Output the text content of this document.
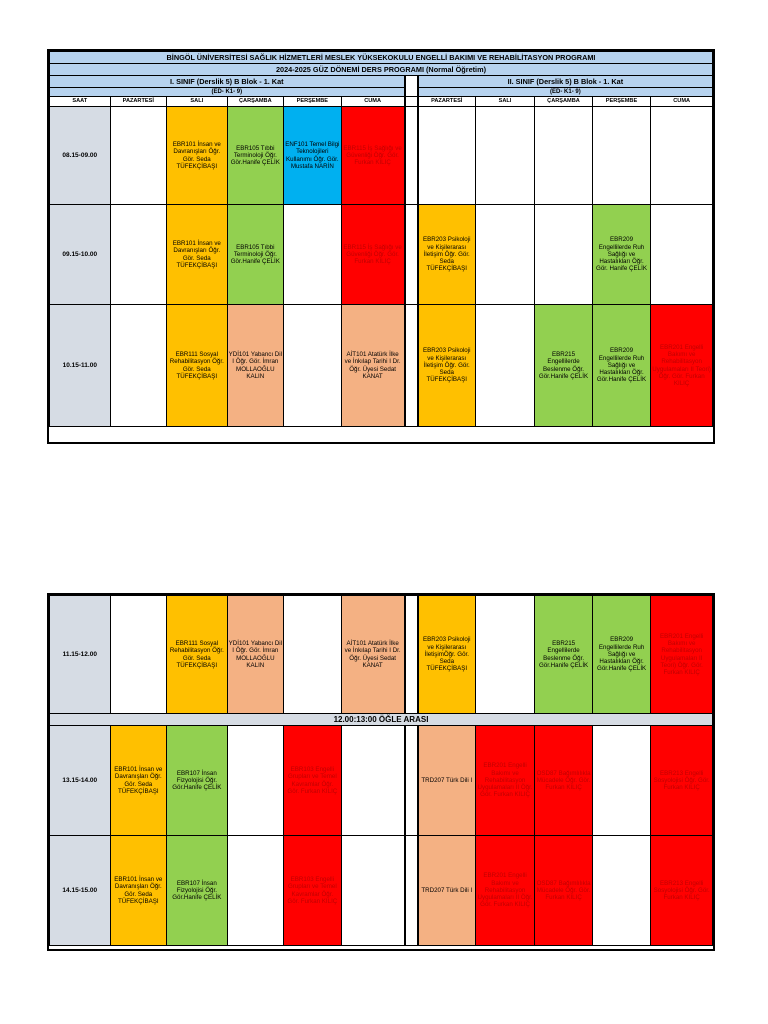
BİNGÖL ÜNİVERSİTESİ SAĞLIK HİZMETLERİ MESLEK YÜKSEKOKULU ENGELLİ BAKIMI VE REHABİLİTASYON PROGRAMI											
2024-2025 GÜZ DÖNEMİ DERS PROGRAMI (Normal Öğretim)											
I. SINIF (Derslik 5) B Blok - 1. Kat							II. SINIF (Derslik 5) B Blok - 1. Kat				
(ED- K1- 9)							(ED- K1- 9)				
SAAT	PAZARTESİ	SALI	ÇARŞAMBA	PERŞEMBE	CUMA		PAZARTESİ	SALI	ÇARŞAMBA	PERŞEMBE	CUMA
08.15-09.00		EBR101 İnsan ve Davranışları Öğr. Gör. Seda TÜFEKÇİBAŞI	EBR105 Tıbbi Terminoloji Öğr. Gör.Hanife ÇELİK	ENF101 Temel Bilgi Teknolojileri Kullanımı Öğr. Gör. Mustafa NARİN	EBR115 İş Sağlığı ve Güvenliği Öğr. Gör. Furkan KILIÇ						
09.15-10.00		EBR101 İnsan ve Davranışları Öğr. Gör. Seda TÜFEKÇİBAŞI	EBR105 Tıbbi Terminoloji Öğr. Gör.Hanife ÇELİK		EBR115 İş Sağlığı ve Güvenliği Öğr. Gör. Furkan KILIÇ		EBR203 Psikoloji ve Kişilerarası İletişim Öğr. Gör. Seda TÜFEKÇİBAŞI			EBR209 Engellilerde Ruh Sağlığı ve Hastalıkları Öğr. Gör. Hanife ÇELİK	
10.15-11.00		EBR111 Sosyal Rehabilitasyon Öğr. Gör. Seda TÜFEKÇİBAŞI	YDİ101 Yabancı Dil I Öğr. Gör. İmran MOLLAOĞLU KALIN		AİT101 Atatürk İlke ve İnkılap Tarihi I Dr. Öğr. Üyesi Sedat KANAT		EBR203 Psikoloji ve Kişilerarası İletişim Öğr. Gör. Seda TÜFEKÇİBAŞI		EBR215 Engellilerde Beslenme Öğr. Gör.Hanife ÇELİK	EBR209 Engellilerde Ruh Sağlığı ve Hastalıkları Öğr. Gör.Hanife ÇELİK	EBR201 Engelli Bakımı ve Rehabilitasyon Uygulamaları II Teori) Öğr. Gör. Furkan KILIÇ
11.15-12.00		EBR111 Sosyal Rehabilitasyon Öğr. Gör. Seda TÜFEKÇİBAŞI	YDİ101 Yabancı Dil I Öğr. Gör. İmran MOLLAOĞLU KALIN		AİT101 Atatürk İlke ve İnkılap Tarihi I Dr. Öğr. Üyesi Sedat KANAT		EBR203 Psikoloji ve Kişilerarası İletişimÖğr. Gör. Seda TÜFEKÇİBAŞI		EBR215 Engellilerde Beslenme Öğr. Gör.Hanife ÇELİK	EBR209 Engellilerde Ruh Sağlığı ve Hastalıkları Öğr. Gör.Hanife ÇELİK	EBR201 Engelli Bakımı ve Rehabilitasyon Uygulamaları II Teori) Öğr. Gör. Furkan KILIÇ
12.00:13:00 ÖĞLE ARASI											
13.15-14.00	EBR101 İnsan ve Davranışları Öğr. Gör. Seda TÜFEKÇİBAŞI	EBR107 İnsan Fizyolojisi Öğr. Gör.Hanife ÇELİK		EBR103 Engelli Grupları ve Temel Kavramlar Öğr. Gör. Furkan KILIÇ			TRD207 Türk Dili I	EBR201 Engelli Bakımı ve Rehabilitasyon Uygulamaları II Öğr. Gör. Furkan KILIÇ	OSD87 Bağımlılıkla Mücadele Öğr. Gör. Furkan KILIÇ		EBR213 Engelli Sosyolojisi Öğr. Gör. Furkan KILIÇ
14.15-15.00	EBR101 İnsan ve Davranışları Öğr. Gör. Seda TÜFEKÇİBAŞI	EBR107 İnsan Fizyolojisi Öğr. Gör.Hanife ÇELİK		EBR103 Engelli Grupları ve Temel Kavramlar Öğr. Gör. Furkan KILIÇ			TRD207 Türk Dili I	EBR201 Engelli Bakımı ve Rehabilitasyon Uygulamaları II Öğr. Gör. Furkan KILIÇ	OSD87 Bağımlılıkla Mücadele Öğr. Gör. Furkan KILIÇ		EBR213 Engelli Sosyolojisi Öğr. Gör. Furkan KILIÇ
